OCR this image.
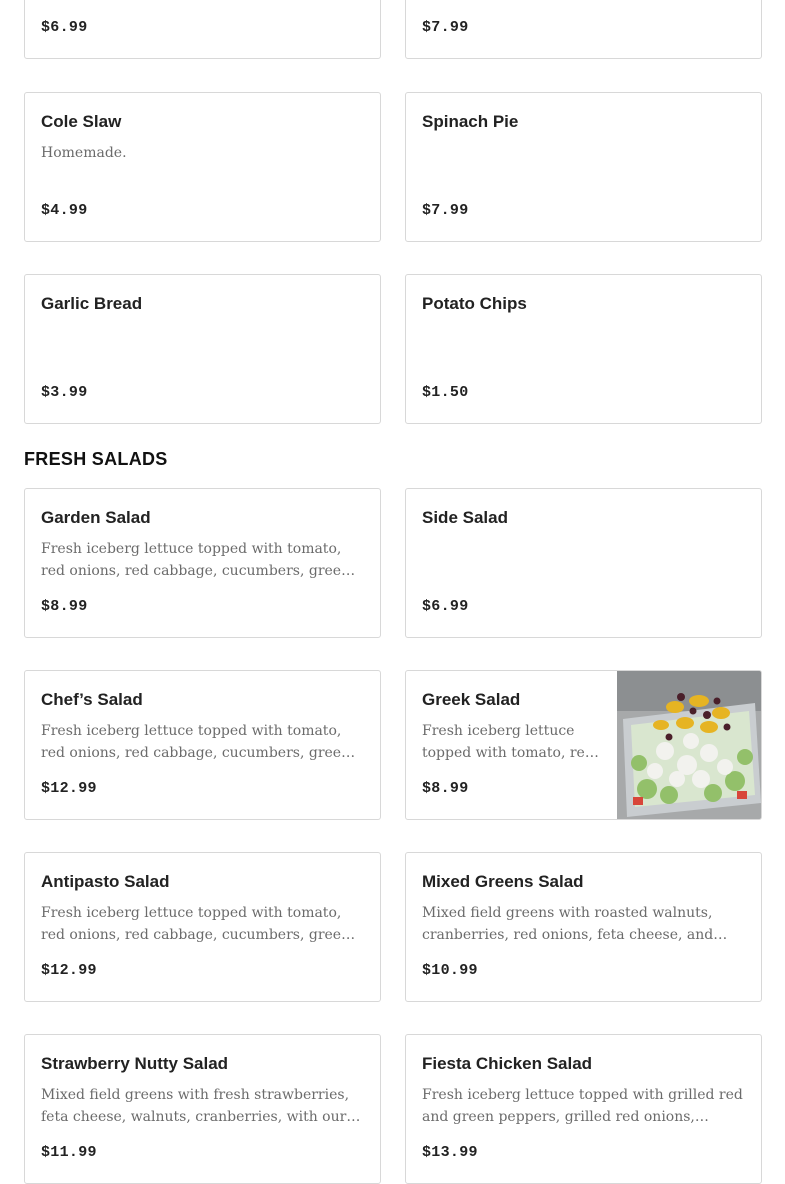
$6.99	$7.99
Cole Slaw
Homemade.
$4.99
Spinach Pie
$7.99
Garlic Bread
$3.99
Potato Chips
$1.50
FRESH SALADS
Garden Salad
Fresh iceberg lettuce topped with tomato, red onions, red cabbage, cucumbers, green
$8.99
Side Salad
$6.99
Chef’s Salad
Fresh iceberg lettuce topped with tomato, red onions, red cabbage, cucumbers, green
$12.99
Greek Salad
Fresh iceberg lettuce topped with tomato, red
$8.99
Antipasto Salad
Fresh iceberg lettuce topped with tomato, red onions, red cabbage, cucumbers, green
$12.99
Mixed Greens Salad
Mixed field greens with roasted walnuts, cranberries, red onions, feta cheese, and
$10.99
Strawberry Nutty Salad
Mixed field greens with fresh strawberries, feta cheese, walnuts, cranberries, with our
$11.99
Fiesta Chicken Salad
Fresh iceberg lettuce topped with grilled red and green peppers, grilled red onions,
$13.99
